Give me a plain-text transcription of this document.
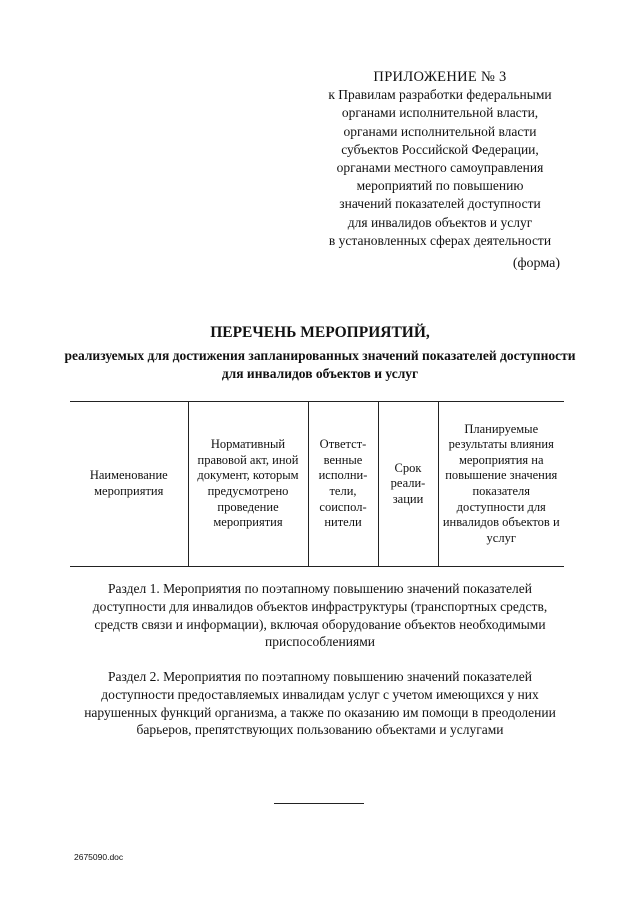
ПРИЛОЖЕНИЕ № 3
к Правилам разработки федеральными
органами исполнительной власти,
органами исполнительной власти
субъектов Российской Федерации,
органами местного самоуправления
мероприятий по повышению
значений показателей доступности
для инвалидов объектов и услуг
в установленных сферах деятельности
(форма)
ПЕРЕЧЕНЬ МЕРОПРИЯТИЙ,
реализуемых для достижения запланированных значений показателей доступности для инвалидов объектов и услуг
Наименование мероприятия	Нормативный правовой акт, иной документ, которым предусмотрено проведение мероприятия	Ответст-венные исполни-тели, соиспол-нители	Срок реали-зации	Планируемые результаты влияния мероприятия на повышение значения показателя доступности для инвалидов объектов и услуг
Раздел 1. Мероприятия по поэтапному повышению значений показателей доступности для инвалидов объектов инфраструктуры (транспортных средств, средств связи и информации), включая оборудование объектов необходимыми приспособлениями
Раздел 2. Мероприятия по поэтапному повышению значений показателей доступности предоставляемых инвалидам услуг с учетом имеющихся у них нарушенных функций организма, а также по оказанию им помощи в преодолении барьеров, препятствующих пользованию объектами и услугами
2675090.doc
